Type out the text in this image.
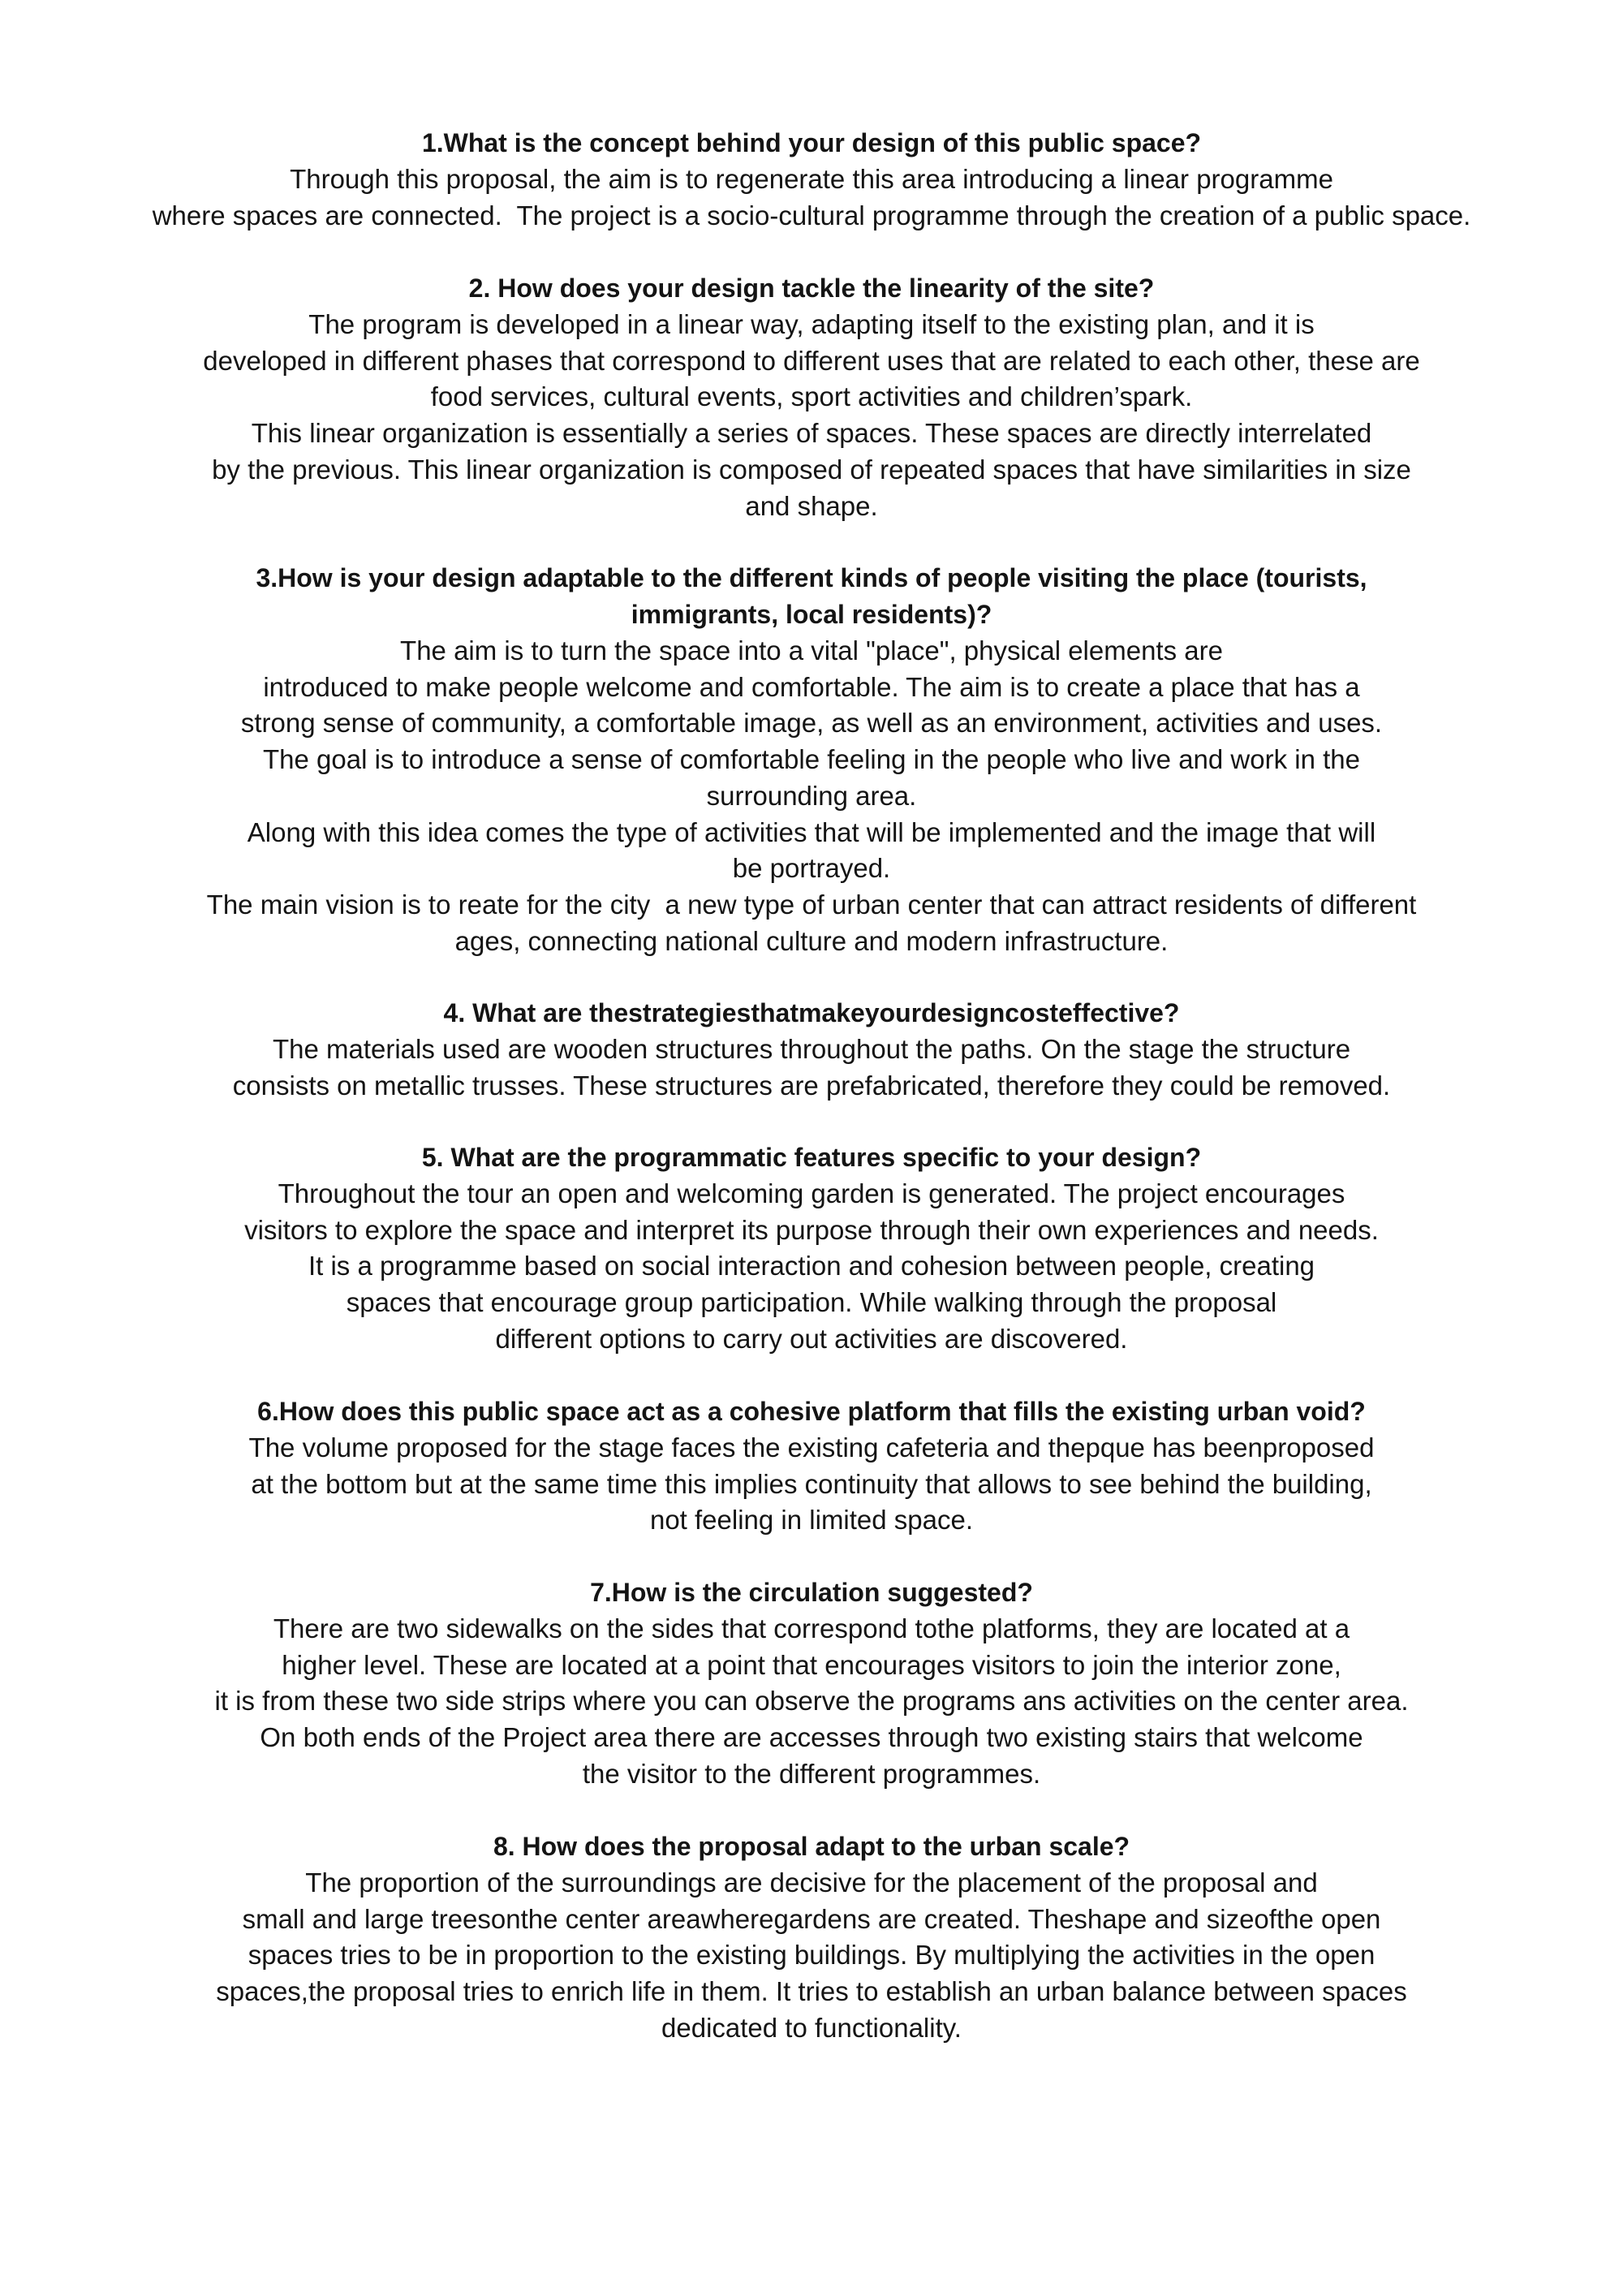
1.What is the concept behind your design of this public space?

Through this proposal, the aim is to regenerate this area introducing a linear programme
where spaces are connected.  The project is a socio-cultural programme through the creation of a public space.

2. How does your design tackle the linearity of the site?

The program is developed in a linear way, adapting itself to the existing plan, and it is
developed in different phases that correspond to different uses that are related to each other, these are
food services, cultural events, sport activities and children’spark.
This linear organization is essentially a series of spaces. These spaces are directly interrelated
by the previous. This linear organization is composed of repeated spaces that have similarities in size
and shape.

3.How is your design adaptable to the different kinds of people visiting the place (tourists,
immigrants, local residents)?

The aim is to turn the space into a vital "place", physical elements are
introduced to make people welcome and comfortable. The aim is to create a place that has a
strong sense of community, a comfortable image, as well as an environment, activities and uses.
The goal is to introduce a sense of comfortable feeling in the people who live and work in the
surrounding area.
Along with this idea comes the type of activities that will be implemented and the image that will
be portrayed.
The main vision is to reate for the city  a new type of urban center that can attract residents of different
ages, connecting national culture and modern infrastructure.

4. What are thestrategiesthatmakeyourdesigncosteffective?

The materials used are wooden structures throughout the paths. On the stage the structure
consists on metallic trusses. These structures are prefabricated, therefore they could be removed.

5. What are the programmatic features specific to your design?

Throughout the tour an open and welcoming garden is generated. The project encourages
visitors to explore the space and interpret its purpose through their own experiences and needs.
It is a programme based on social interaction and cohesion between people, creating
spaces that encourage group participation. While walking through the proposal
different options to carry out activities are discovered.

6.How does this public space act as a cohesive platform that fills the existing urban void?

The volume proposed for the stage faces the existing cafeteria and thepque has beenproposed
at the bottom but at the same time this implies continuity that allows to see behind the building,
not feeling in limited space.

7.How is the circulation suggested?

There are two sidewalks on the sides that correspond tothe platforms, they are located at a
higher level. These are located at a point that encourages visitors to join the interior zone,
it is from these two side strips where you can observe the programs ans activities on the center area.
On both ends of the Project area there are accesses through two existing stairs that welcome
the visitor to the different programmes.

8. How does the proposal adapt to the urban scale?

The proportion of the surroundings are decisive for the placement of the proposal and
small and large treesonthe center areawheregardens are created. Theshape and sizeofthe open
spaces tries to be in proportion to the existing buildings. By multiplying the activities in the open
spaces,the proposal tries to enrich life in them. It tries to establish an urban balance between spaces
dedicated to functionality.
